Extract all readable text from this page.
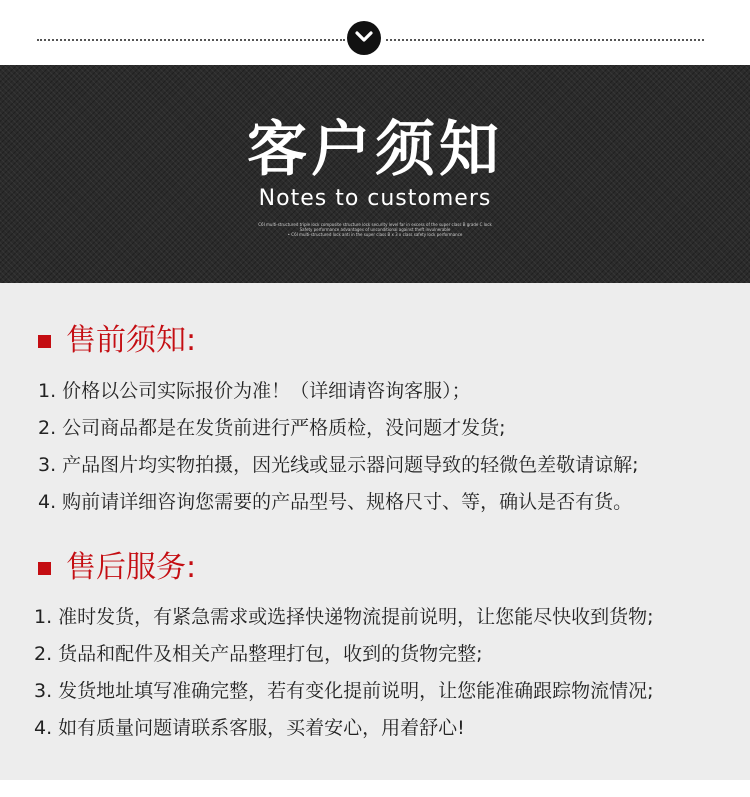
客户须知
Notes to customers
C6I multi-structured triple lock composite structure lock security level far in excess of the super class B grade C lock
Safety performance advantages of unconditional against theft invulnerable
• C6I multi-structured lock anti in the super class B x 3 x class safety lock performance
售前须知:
1. 价格以公司实际报价为准！（详细请咨询客服）；
2. 公司商品都是在发货前进行严格质检，没问题才发货;
3. 产品图片均实物拍摄，因光线或显示器问题导致的轻微色差敬请谅解;
4. 购前请详细咨询您需要的产品型号、规格尺寸、等，确认是否有货。
售后服务:
1. 准时发货，有紧急需求或选择快递物流提前说明，让您能尽快收到货物;
2. 货品和配件及相关产品整理打包，收到的货物完整;
3. 发货地址填写准确完整，若有变化提前说明，让您能准确跟踪物流情况;
4. 如有质量问题请联系客服，买着安心，用着舒心!
